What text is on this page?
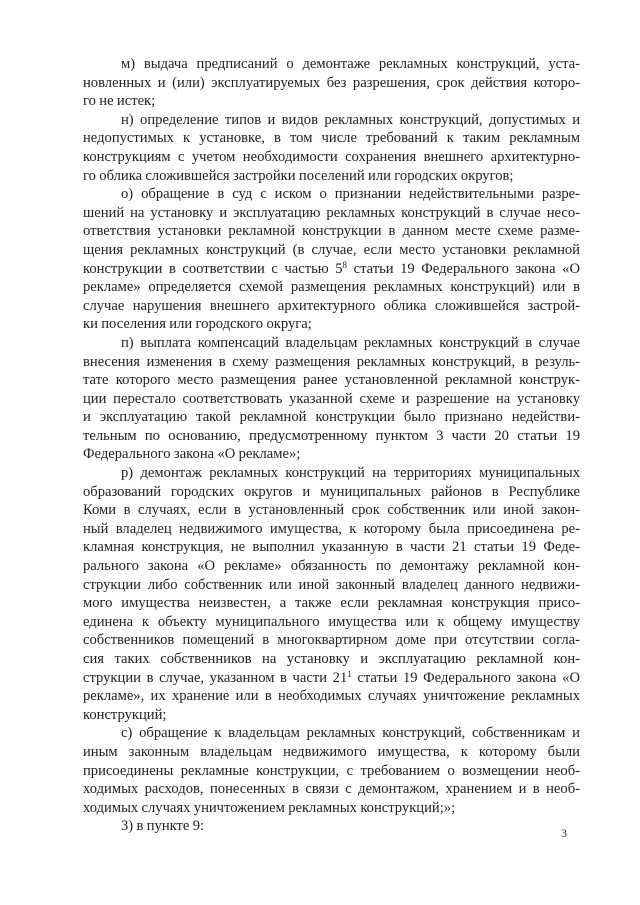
м) выдача предписаний о демонтаже рекламных конструкций, уста-
новленных и (или) эксплуатируемых без разрешения, срок действия которо-
го не истек;
н) определение типов и видов рекламных конструкций, допустимых и
недопустимых к установке, в том числе требований к таким рекламным
конструкциям с учетом необходимости сохранения внешнего архитектурно-
го облика сложившейся застройки поселений или городских округов;
о) обращение в суд с иском о признании недействительными разре-
шений на установку и эксплуатацию рекламных конструкций в случае несо-
ответствия установки рекламной конструкции в данном месте схеме разме-
щения рекламных конструкций (в случае, если место установки рекламной
конструкции в соответствии с частью $5^8$ статьи 19 Федерального закона «О
рекламе» определяется схемой размещения рекламных конструкций) или в
случае нарушения внешнего архитектурного облика сложившейся застрой-
ки поселения или городского округа;
п) выплата компенсаций владельцам рекламных конструкций в случае
внесения изменения в схему размещения рекламных конструкций, в резуль-
тате которого место размещения ранее установленной рекламной конструк-
ции перестало соответствовать указанной схеме и разрешение на установку
и эксплуатацию такой рекламной конструкции было признано недействи-
тельным по основанию, предусмотренному пунктом 3 части 20 статьи 19
Федерального закона «О рекламе»;
р) демонтаж рекламных конструкций на территориях муниципальных
образований городских округов и муниципальных районов в Республике
Коми в случаях, если в установленный срок собственник или иной закон-
ный владелец недвижимого имущества, к которому была присоединена ре-
кламная конструкция, не выполнил указанную в части 21 статьи 19 Феде-
рального закона «О рекламе» обязанность по демонтажу рекламной кон-
струкции либо собственник или иной законный владелец данного недвижи-
мого имущества неизвестен, а также если рекламная конструкция присо-
единена к объекту муниципального имущества или к общему имуществу
собственников помещений в многоквартирном доме при отсутствии согла-
сия таких собственников на установку и эксплуатацию рекламной кон-
струкции в случае, указанном в части $21^1$ статьи 19 Федерального закона «О
рекламе», их хранение или в необходимых случаях уничтожение рекламных
конструкций;
с) обращение к владельцам рекламных конструкций, собственникам и
иным законным владельцам недвижимого имущества, к которому были
присоединены рекламные конструкции, с требованием о возмещении необ-
ходимых расходов, понесенных в связи с демонтажом, хранением и в необ-
ходимых случаях уничтожением рекламных конструкций;»;
3) в пункте 9:	3
